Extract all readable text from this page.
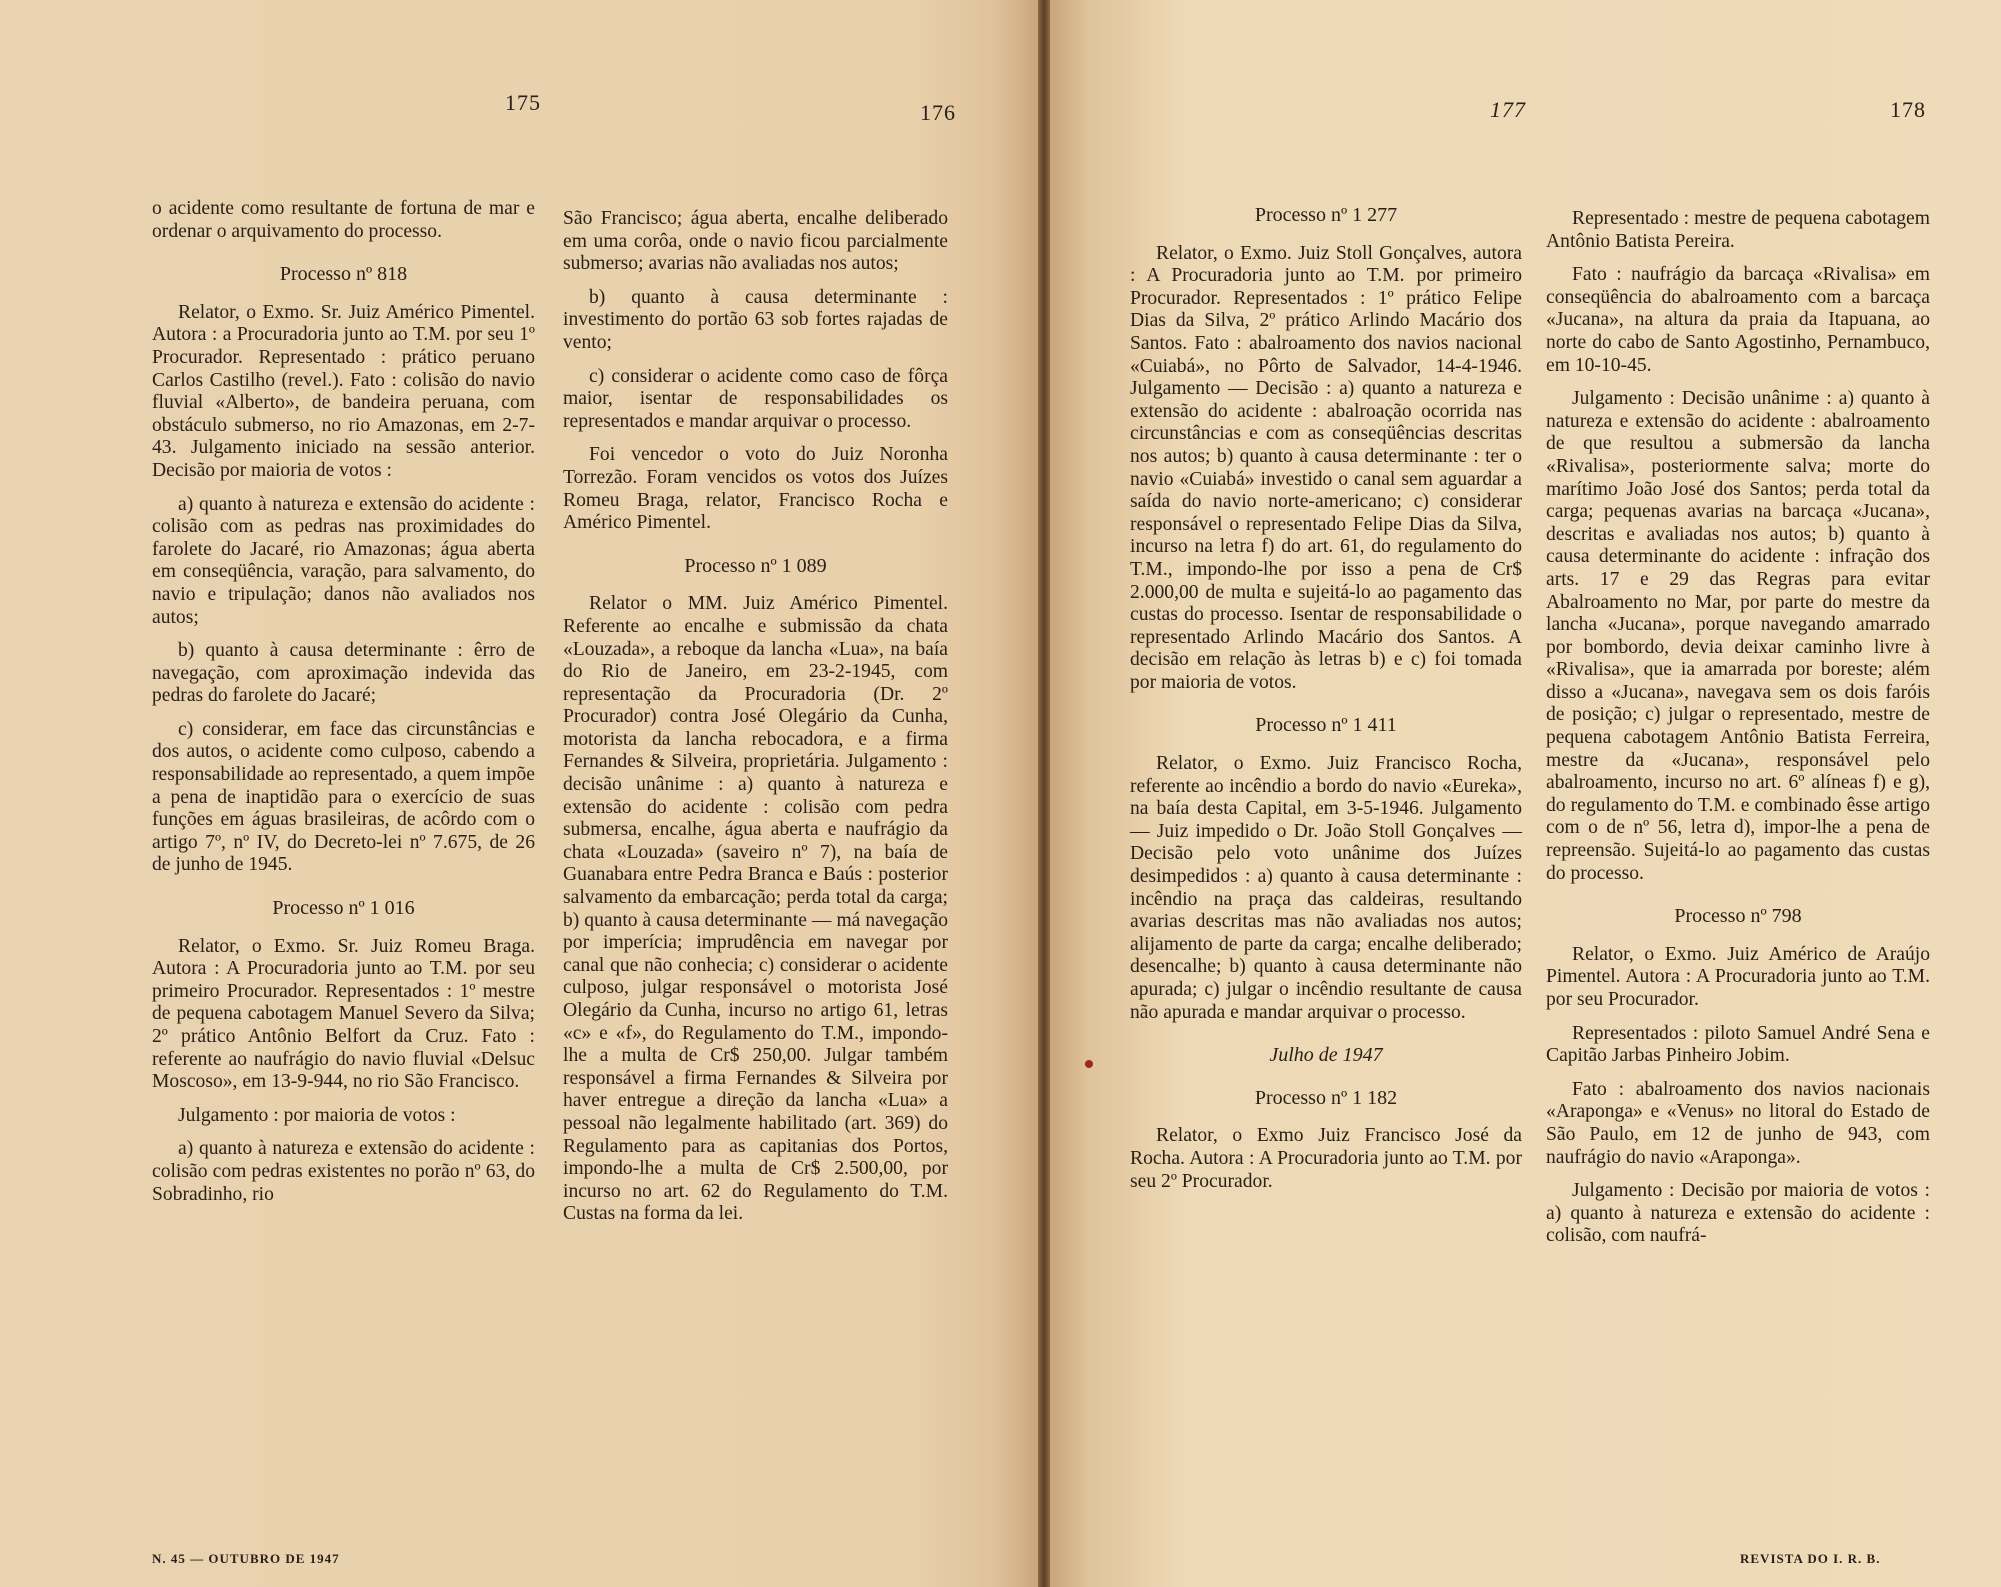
175	176

o acidente como resultante de fortuna de mar e ordenar o arquivamento do processo.

Processo nº 818

Relator, o Exmo. Sr. Juiz Américo Pimentel. Autora : a Procuradoria junto ao T.M. por seu 1º Procurador. Representado : prático peruano Carlos Castilho (revel.). Fato : colisão do navio fluvial «Alberto», de bandeira peruana, com obstáculo submerso, no rio Amazonas, em 2-7-43. Julgamento iniciado na sessão anterior. Decisão por maioria de votos :

a) quanto à natureza e extensão do acidente : colisão com as pedras nas proximidades do farolete do Jacaré, rio Amazonas; água aberta em conseqüência, varação, para salvamento, do navio e tripulação; danos não avaliados nos autos;

b) quanto à causa determinante : êrro de navegação, com aproximação indevida das pedras do farolete do Jacaré;

c) considerar, em face das circunstâncias e dos autos, o acidente como culposo, cabendo a responsabilidade ao representado, a quem impõe a pena de inaptidão para o exercício de suas funções em águas brasileiras, de acôrdo com o artigo 7º, nº IV, do Decreto-lei nº 7.675, de 26 de junho de 1945.

Processo nº 1 016

Relator, o Exmo. Sr. Juiz Romeu Braga. Autora : A Procuradoria junto ao T.M. por seu primeiro Procurador. Representados : 1º mestre de pequena cabotagem Manuel Severo da Silva; 2º prático Antônio Belfort da Cruz. Fato : referente ao naufrágio do navio fluvial «Delsuc Moscoso», em 13-9-944, no rio São Francisco.

Julgamento : por maioria de votos :

a) quanto à natureza e extensão do acidente : colisão com pedras existentes no porão nº 63, do Sobradinho, rio

São Francisco; água aberta, encalhe deliberado em uma corôa, onde o navio ficou parcialmente submerso; avarias não avaliadas nos autos;

b) quanto à causa determinante : investimento do portão 63 sob fortes rajadas de vento;

c) considerar o acidente como caso de fôrça maior, isentar de responsabilidades os representados e mandar arquivar o processo.

Foi vencedor o voto do Juiz Noronha Torrezão. Foram vencidos os votos dos Juízes Romeu Braga, relator, Francisco Rocha e Américo Pimentel.

Processo nº 1 089

Relator o MM. Juiz Américo Pimentel. Referente ao encalhe e submissão da chata «Louzada», a reboque da lancha «Lua», na baía do Rio de Janeiro, em 23-2-1945, com representação da Procuradoria (Dr. 2º Procurador) contra José Olegário da Cunha, motorista da lancha rebocadora, e a firma Fernandes & Silveira, proprietária. Julgamento : decisão unânime : a) quanto à natureza e extensão do acidente : colisão com pedra submersa, encalhe, água aberta e naufrágio da chata «Louzada» (saveiro nº 7), na baía de Guanabara entre Pedra Branca e Baús : posterior salvamento da embarcação; perda total da carga; b) quanto à causa determinante — má navegação por imperícia; imprudência em navegar por canal que não conhecia; c) considerar o acidente culposo, julgar responsável o motorista José Olegário da Cunha, incurso no artigo 61, letras «c» e «f», do Regulamento do T.M., impondo-lhe a multa de Cr$ 250,00. Julgar também responsável a firma Fernandes & Silveira por haver entregue a direção da lancha «Lua» a pessoal não legalmente habilitado (art. 369) do Regulamento para as capitanias dos Portos, impondo-lhe a multa de Cr$ 2.500,00, por incurso no art. 62 do Regulamento do T.M. Custas na forma da lei.

N. 45 — OUTUBRO DE 1947
177	178
Processo nº 1 277

Relator, o Exmo. Juiz Stoll Gonçalves, autora : A Procuradoria junto ao T.M. por primeiro Procurador. Representados : 1º prático Felipe Dias da Silva, 2º prático Arlindo Macário dos Santos. Fato : abalroamento dos navios nacional «Cuiabá», no Pôrto de Salvador, 14-4-1946. Julgamento — Decisão : a) quanto a natureza e extensão do acidente : abalroação ocorrida nas circunstâncias e com as conseqüências descritas nos autos; b) quanto à causa determinante : ter o navio «Cuiabá» investido o canal sem aguardar a saída do navio norte-americano; c) considerar responsável o representado Felipe Dias da Silva, incurso na letra f) do art. 61, do regulamento do T.M., impondo-lhe por isso a pena de Cr$ 2.000,00 de multa e sujeitá-lo ao pagamento das custas do processo. Isentar de responsabilidade o representado Arlindo Macário dos Santos. A decisão em relação às letras b) e c) foi tomada por maioria de votos.

Processo nº 1 411

Relator, o Exmo. Juiz Francisco Rocha, referente ao incêndio a bordo do navio «Eureka», na baía desta Capital, em 3-5-1946. Julgamento — Juiz impedido o Dr. João Stoll Gonçalves — Decisão pelo voto unânime dos Juízes desimpedidos : a) quanto à causa determinante : incêndio na praça das caldeiras, resultando avarias descritas mas não avaliadas nos autos; alijamento de parte da carga; encalhe deliberado; desencalhe; b) quanto à causa determinante não apurada; c) julgar o incêndio resultante de causa não apurada e mandar arquivar o processo.

Julho de 1947
Processo nº 1 182

Relator, o Exmo Juiz Francisco José da Rocha. Autora : A Procuradoria junto ao T.M. por seu 2º Procurador.

Representado : mestre de pequena cabotagem Antônio Batista Pereira.

Fato : naufrágio da barcaça «Rivalisa» em conseqüência do abalroamento com a barcaça «Jucana», na altura da praia da Itapuana, ao norte do cabo de Santo Agostinho, Pernambuco, em 10-10-45.

Julgamento : Decisão unânime : a) quanto à natureza e extensão do acidente : abalroamento de que resultou a submersão da lancha «Rivalisa», posteriormente salva; morte do marítimo João José dos Santos; perda total da carga; pequenas avarias na barcaça «Jucana», descritas e avaliadas nos autos; b) quanto à causa determinante do acidente : infração dos arts. 17 e 29 das Regras para evitar Abalroamento no Mar, por parte do mestre da lancha «Jucana», porque navegando amarrado por bombordo, devia deixar caminho livre à «Rivalisa», que ia amarrada por boreste; além disso a «Jucana», navegava sem os dois faróis de posição; c) julgar o representado, mestre de pequena cabotagem Antônio Batista Ferreira, mestre da «Jucana», responsável pelo abalroamento, incurso no art. 6º alíneas f) e g), do regulamento do T.M. e combinado êsse artigo com o de nº 56, letra d), impor-lhe a pena de repreensão. Sujeitá-lo ao pagamento das custas do processo.

Processo nº 798

Relator, o Exmo. Juiz Américo de Araújo Pimentel. Autora : A Procuradoria junto ao T.M. por seu Procurador.

Representados : piloto Samuel André Sena e Capitão Jarbas Pinheiro Jobim.

Fato : abalroamento dos navios nacionais «Araponga» e «Venus» no litoral do Estado de São Paulo, em 12 de junho de 943, com naufrágio do navio «Araponga».

Julgamento : Decisão por maioria de votos : a) quanto à natureza e extensão do acidente : colisão, com naufrá-

REVISTA DO I. R. B.
